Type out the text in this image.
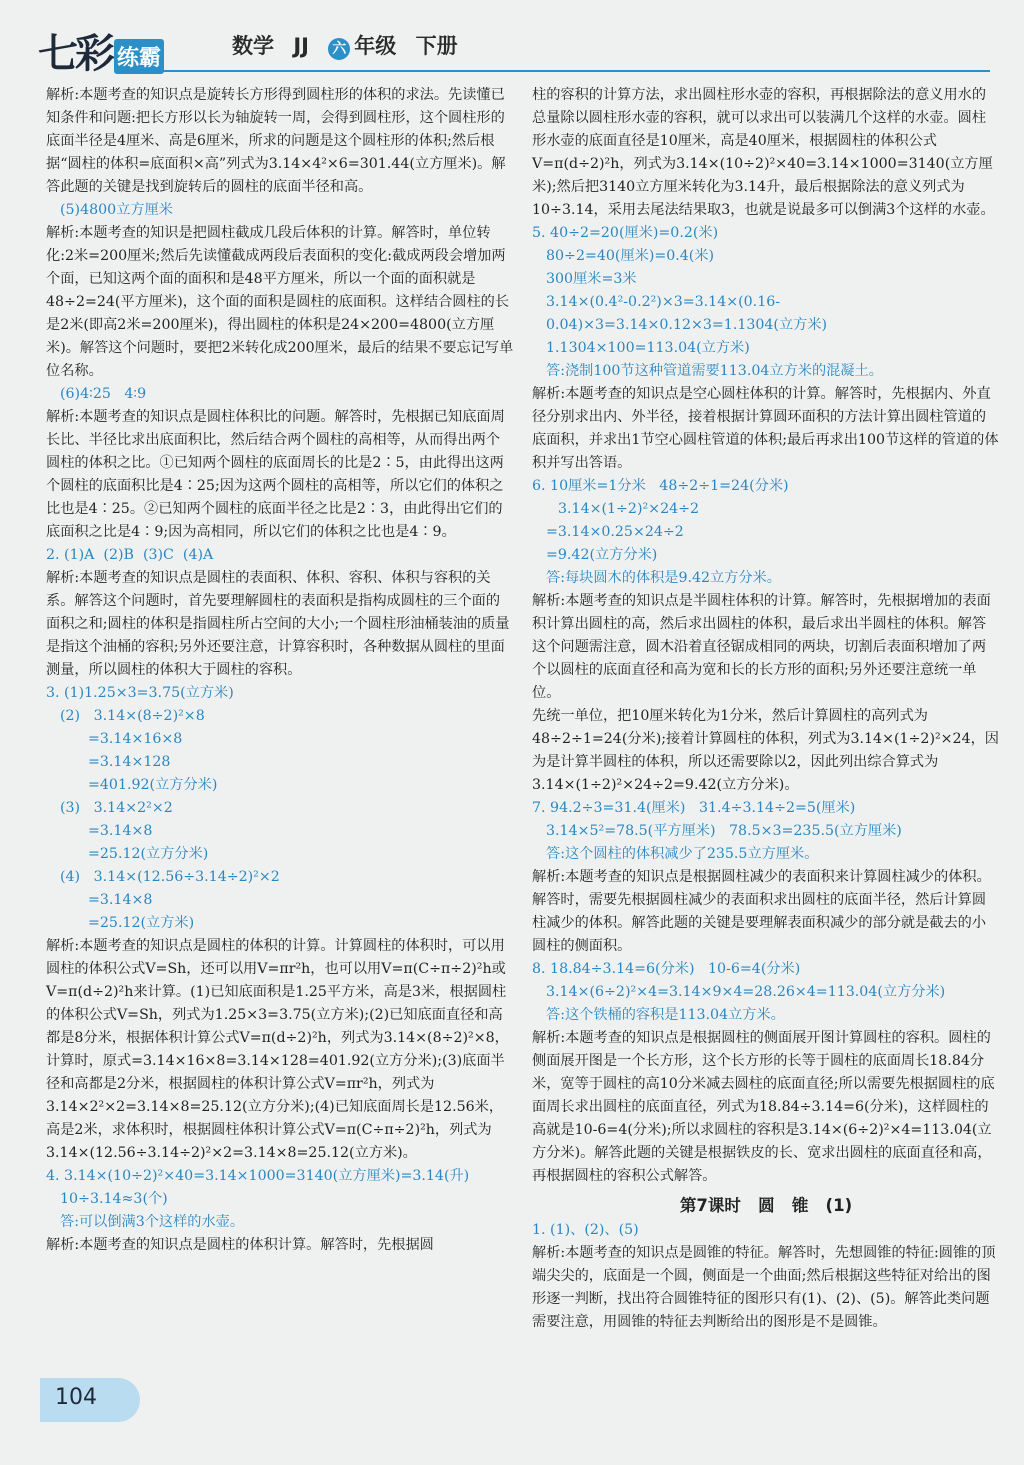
七彩 练霸	数学 JJ 六 年级 下册

解析:本题考查的知识点是旋转长方形得到圆柱形的体积的求法。先读懂已知条件和问题:把长方形以长为轴旋转一周，会得到圆柱形，这个圆柱形的底面半径是4厘米、高是6厘米，所求的问题是这个圆柱形的体积;然后根据“圆柱的体积=底面积×高”列式为3.14×4²×6=301.44(立方厘米)。解答此题的关键是找到旋转后的圆柱的底面半径和高。

(5)4800立方厘米

解析:本题考查的知识是把圆柱截成几段后体积的计算。解答时，单位转化:2米=200厘米;然后先读懂截成两段后表面积的变化:截成两段会增加两个面，已知这两个面的面积和是48平方厘米，所以一个面的面积就是48÷2=24(平方厘米)，这个面的面积是圆柱的底面积。这样结合圆柱的长是2米(即高2米=200厘米)，得出圆柱的体积是24×200=4800(立方厘米)。解答这个问题时，要把2米转化成200厘米，最后的结果不要忘记写单位名称。

(6)4∶25   4∶9

解析:本题考查的知识点是圆柱体积比的问题。解答时，先根据已知底面周长比、半径比求出底面积比，然后结合两个圆柱的高相等，从而得出两个圆柱的体积之比。①已知两个圆柱的底面周长的比是2∶5，由此得出这两个圆柱的底面积比是4∶25;因为这两个圆柱的高相等，所以它们的体积之比也是4∶25。②已知两个圆柱的底面半径之比是2∶3，由此得出它们的底面积之比是4∶9;因为高相同，所以它们的体积之比也是4∶9。

2. (1)A  (2)B  (3)C  (4)A

解析:本题考查的知识点是圆柱的表面积、体积、容积、体积与容积的关系。解答这个问题时，首先要理解圆柱的表面积是指构成圆柱的三个面的面积之和;圆柱的体积是指圆柱所占空间的大小;一个圆柱形油桶装油的质量是指这个油桶的容积;另外还要注意，计算容积时，各种数据从圆柱的里面测量，所以圆柱的体积大于圆柱的容积。

3. (1)1.25×3=3.75(立方米)

(2)   3.14×(8÷2)²×8

=3.14×16×8

=3.14×128

=401.92(立方分米)

(3)   3.14×2²×2

=3.14×8

=25.12(立方分米)

(4)   3.14×(12.56÷3.14÷2)²×2

=3.14×8

=25.12(立方米)

解析:本题考查的知识点是圆柱的体积的计算。计算圆柱的体积时，可以用圆柱的体积公式V=Sh，还可以用V=πr²h，也可以用V=π(C÷π÷2)²h或V=π(d÷2)²h来计算。(1)已知底面积是1.25平方米，高是3米，根据圆柱的体积公式V=Sh，列式为1.25×3=3.75(立方米);(2)已知底面直径和高都是8分米，根据体积计算公式V=π(d÷2)²h，列式为3.14×(8÷2)²×8，计算时，原式=3.14×16×8=3.14×128=401.92(立方分米);(3)底面半径和高都是2分米，根据圆柱的体积计算公式V=πr²h，列式为3.14×2²×2=3.14×8=25.12(立方分米);(4)已知底面周长是12.56米，高是2米，求体积时，根据圆柱体积计算公式V=π(C÷π÷2)²h，列式为3.14×(12.56÷3.14÷2)²×2=3.14×8=25.12(立方米)。

4. 3.14×(10÷2)²×40=3.14×1000=3140(立方厘米)=3.14(升)

10÷3.14≈3(个)

答:可以倒满3个这样的水壶。

解析:本题考查的知识点是圆柱的体积计算。解答时，先根据圆

柱的容积的计算方法，求出圆柱形水壶的容积，再根据除法的意义用水的总量除以圆柱形水壶的容积，就可以求出可以装满几个这样的水壶。圆柱形水壶的底面直径是10厘米，高是40厘米，根据圆柱的体积公式V=π(d÷2)²h，列式为3.14×(10÷2)²×40=3.14×1000=3140(立方厘米);然后把3140立方厘米转化为3.14升，最后根据除法的意义列式为10÷3.14，采用去尾法结果取3，也就是说最多可以倒满3个这样的水壶。

5. 40÷2=20(厘米)=0.2(米)

80÷2=40(厘米)=0.4(米)

300厘米=3米

3.14×(0.4²-0.2²)×3=3.14×(0.16-0.04)×3=3.14×0.12×3=1.1304(立方米)

1.1304×100=113.04(立方米)

答:浇制100节这种管道需要113.04立方米的混凝土。

解析:本题考查的知识点是空心圆柱体积的计算。解答时，先根据内、外直径分别求出内、外半径，接着根据计算圆环面积的方法计算出圆柱管道的底面积，并求出1节空心圆柱管道的体积;最后再求出100节这样的管道的体积并写出答语。

6. 10厘米=1分米   48÷2÷1=24(分米)

3.14×(1÷2)²×24÷2

=3.14×0.25×24÷2

=9.42(立方分米)

答:每块圆木的体积是9.42立方分米。

解析:本题考查的知识点是半圆柱体积的计算。解答时，先根据增加的表面积计算出圆柱的高，然后求出圆柱的体积，最后求出半圆柱的体积。解答这个问题需注意，圆木沿着直径锯成相同的两块，切割后表面积增加了两个以圆柱的底面直径和高为宽和长的长方形的面积;另外还要注意统一单位。

先统一单位，把10厘米转化为1分米，然后计算圆柱的高列式为48÷2÷1=24(分米);接着计算圆柱的体积，列式为3.14×(1÷2)²×24，因为是计算半圆柱的体积，所以还需要除以2，因此列出综合算式为3.14×(1÷2)²×24÷2=9.42(立方分米)。

7. 94.2÷3=31.4(厘米)   31.4÷3.14÷2=5(厘米)

3.14×5²=78.5(平方厘米)   78.5×3=235.5(立方厘米)

答:这个圆柱的体积减少了235.5立方厘米。

解析:本题考查的知识点是根据圆柱减少的表面积来计算圆柱减少的体积。解答时，需要先根据圆柱减少的表面积求出圆柱的底面半径，然后计算圆柱减少的体积。解答此题的关键是要理解表面积减少的部分就是截去的小圆柱的侧面积。

8. 18.84÷3.14=6(分米)   10-6=4(分米)

3.14×(6÷2)²×4=3.14×9×4=28.26×4=113.04(立方分米)

答:这个铁桶的容积是113.04立方米。

解析:本题考查的知识点是根据圆柱的侧面展开图计算圆柱的容积。圆柱的侧面展开图是一个长方形，这个长方形的长等于圆柱的底面周长18.84分米，宽等于圆柱的高10分米减去圆柱的底面直径;所以需要先根据圆柱的底面周长求出圆柱的底面直径，列式为18.84÷3.14=6(分米)，这样圆柱的高就是10-6=4(分米);所以求圆柱的容积是3.14×(6÷2)²×4=113.04(立方分米)。解答此题的关键是根据铁皮的长、宽求出圆柱的底面直径和高，再根据圆柱的容积公式解答。

第7课时   圆   锥   (1)

1. (1)、(2)、(5)

解析:本题考查的知识点是圆锥的特征。解答时，先想圆锥的特征:圆锥的顶端尖尖的，底面是一个圆，侧面是一个曲面;然后根据这些特征对给出的图形逐一判断，找出符合圆锥特征的图形只有(1)、(2)、(5)。解答此类问题需要注意，用圆锥的特征去判断给出的图形是不是圆锥。

104
